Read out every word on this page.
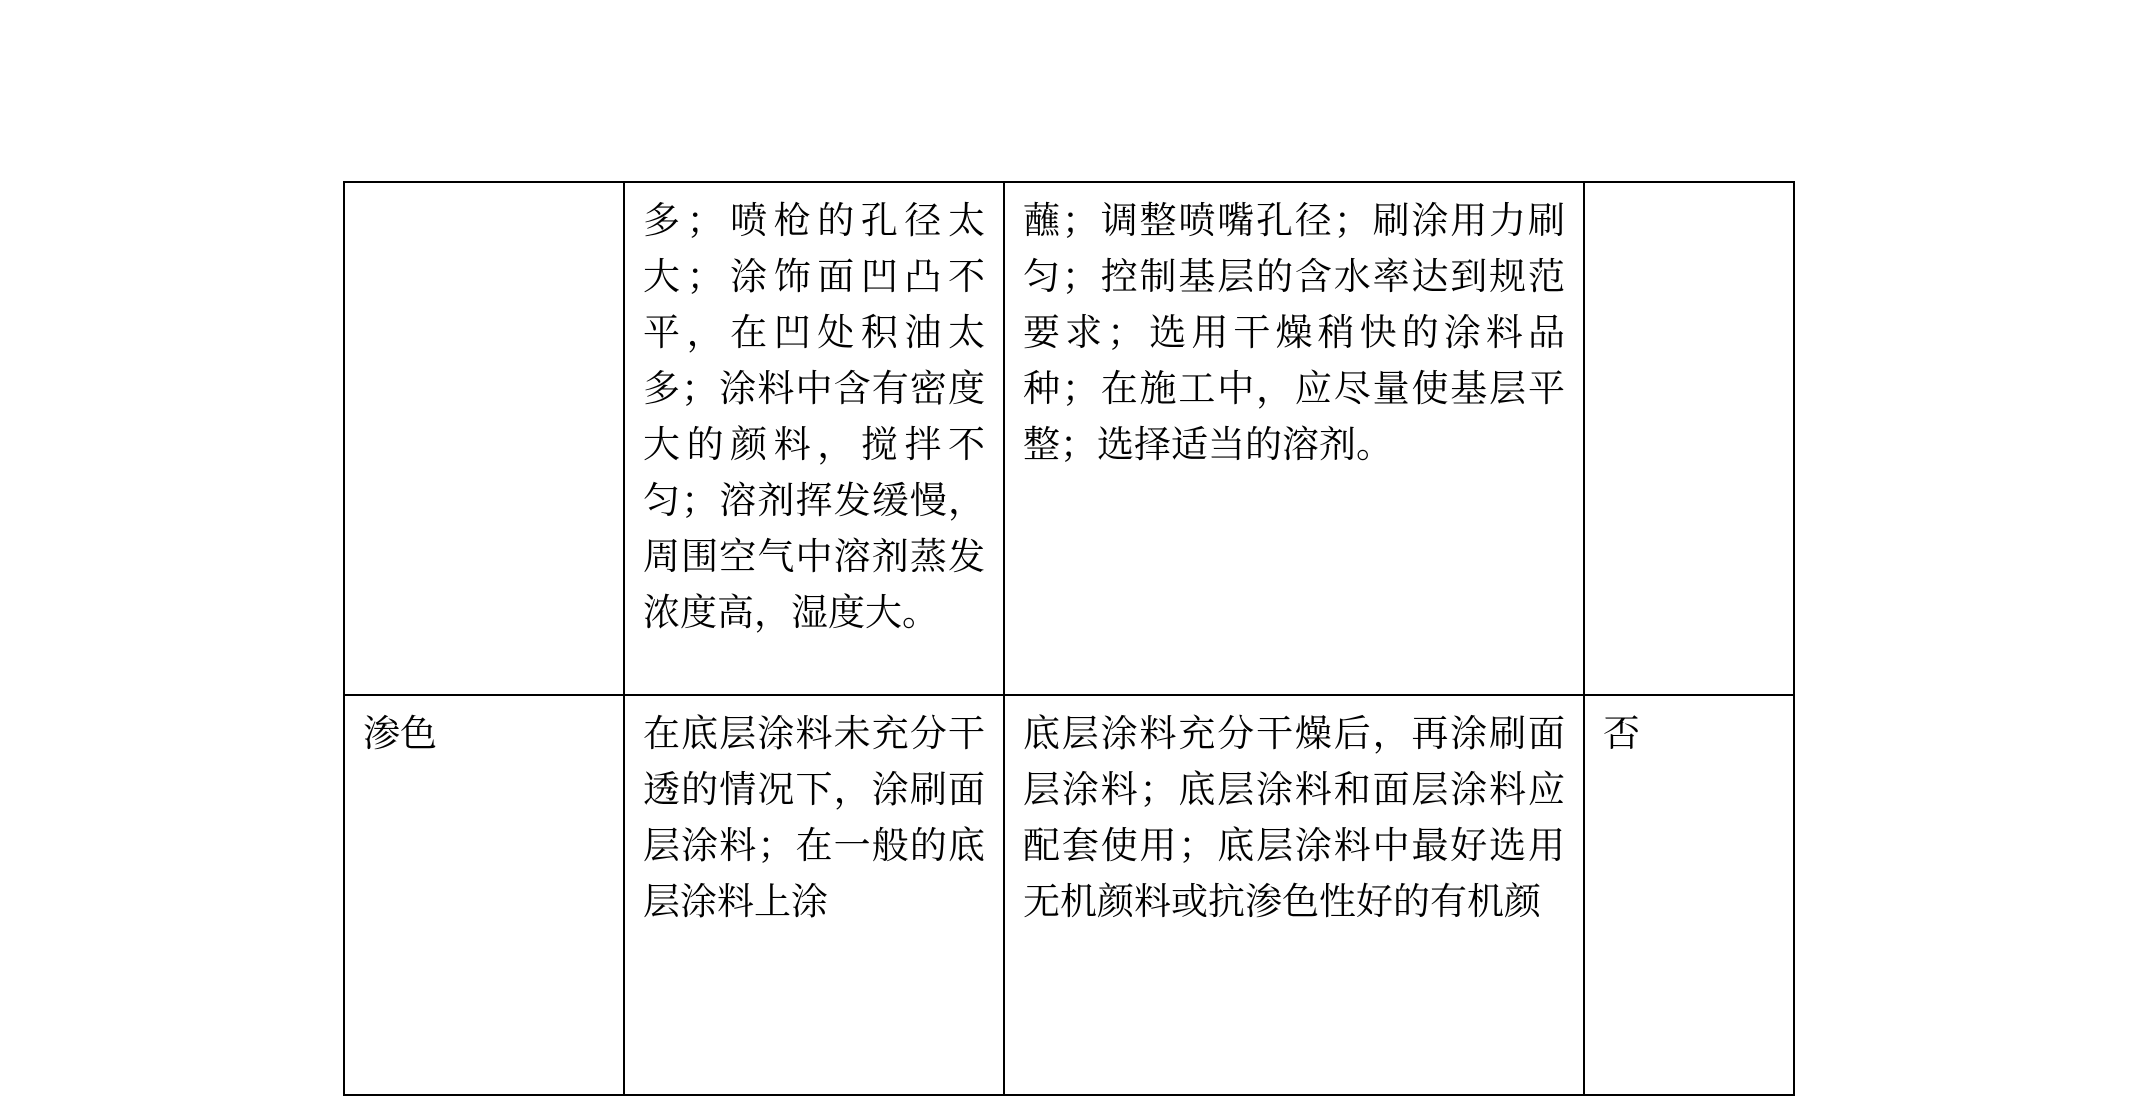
	多；喷枪的孔径太大；涂饰面凹凸不平，在凹处积油太多；涂料中含有密度大的颜料，搅拌不匀；溶剂挥发缓慢，周围空气中溶剂蒸发浓度高，湿度大。	蘸；调整喷嘴孔径；刷涂用力刷匀；控制基层的含水率达到规范要求；选用干燥稍快的涂料品种；在施工中，应尽量使基层平整；选择适当的溶剂。	
渗色	在底层涂料未充分干透的情况下，涂刷面层涂料；在一般的底层涂料上涂	底层涂料充分干燥后，再涂刷面层涂料；底层涂料和面层涂料应配套使用；底层涂料中最好选用无机颜料或抗渗色性好的有机颜	否
